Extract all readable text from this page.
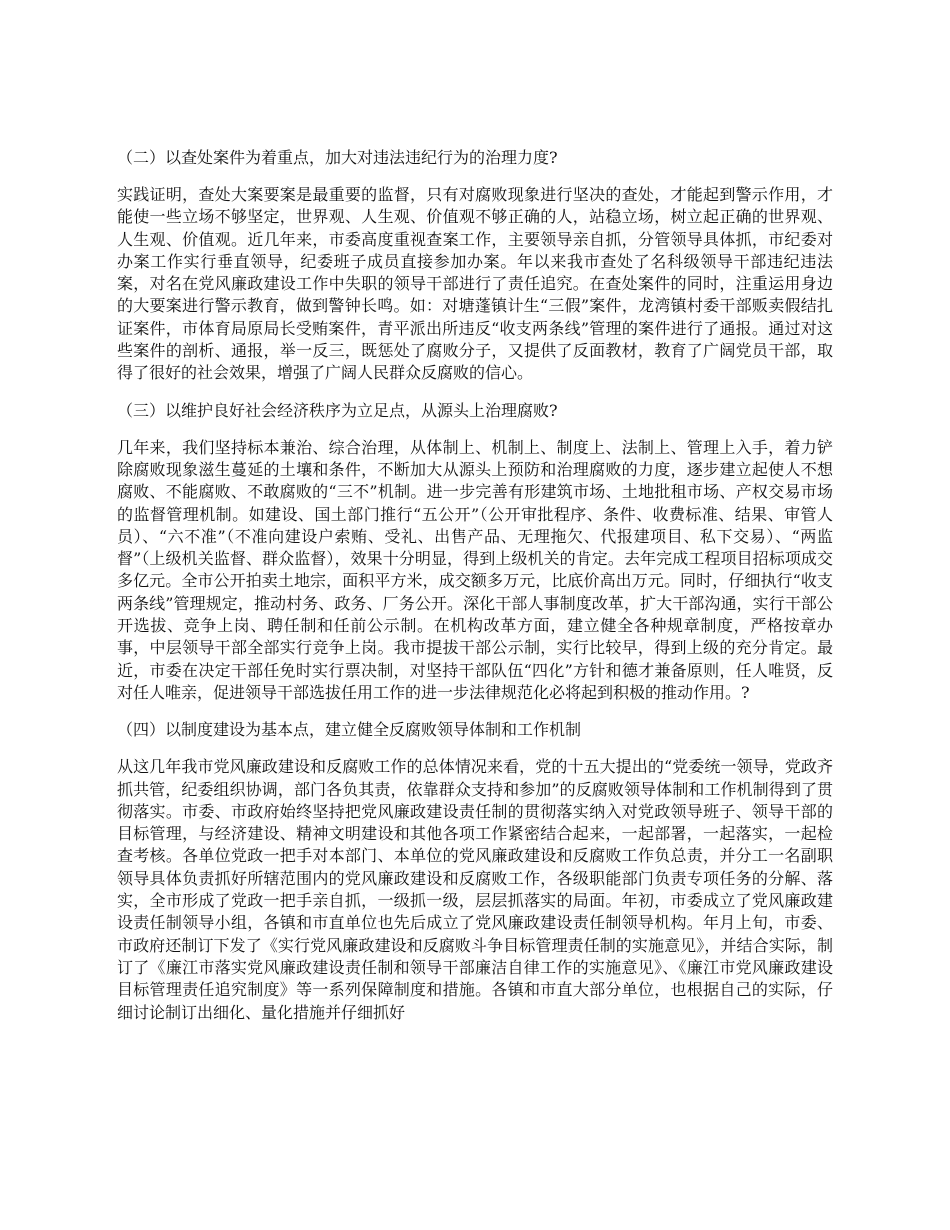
（二）以查处案件为着重点，加大对违法违纪行为的治理力度?

实践证明，查处大案要案是最重要的监督，只有对腐败现象进行坚决的查处，才能起到警示作用，才能使一些立场不够坚定，世界观、人生观、价值观不够正确的人，站稳立场，树立起正确的世界观、人生观、价值观。近几年来，市委高度重视查案工作，主要领导亲自抓，分管领导具体抓，市纪委对办案工作实行垂直领导，纪委班子成员直接参加办案。年以来我市查处了名科级领导干部违纪违法案，对名在党风廉政建设工作中失职的领导干部进行了责任追究。在查处案件的同时，注重运用身边的大要案进行警示教育，做到警钟长鸣。如：对塘蓬镇计生“三假”案件，龙湾镇村委干部贩卖假结扎证案件，市体育局原局长受贿案件，青平派出所违反“收支两条线”管理的案件进行了通报。通过对这些案件的剖析、通报，举一反三，既惩处了腐败分子，又提供了反面教材，教育了广阔党员干部，取得了很好的社会效果，增强了广阔人民群众反腐败的信心。

（三）以维护良好社会经济秩序为立足点，从源头上治理腐败?

几年来，我们坚持标本兼治、综合治理，从体制上、机制上、制度上、法制上、管理上入手，着力铲除腐败现象滋生蔓延的土壤和条件，不断加大从源头上预防和治理腐败的力度，逐步建立起使人不想腐败、不能腐败、不敢腐败的“三不”机制。进一步完善有形建筑市场、土地批租市场、产权交易市场的监督管理机制。如建设、国土部门推行“五公开”（公开审批程序、条件、收费标准、结果、审管人员）、“六不准”（不准向建设户索贿、受礼、出售产品、无理拖欠、代报建项目、私下交易）、“两监督”（上级机关监督、群众监督），效果十分明显，得到上级机关的肯定。去年完成工程项目招标项成交多亿元。全市公开拍卖土地宗，面积平方米，成交额多万元，比底价高出万元。同时，仔细执行“收支两条线”管理规定，推动村务、政务、厂务公开。深化干部人事制度改革，扩大干部沟通，实行干部公开选拔、竞争上岗、聘任制和任前公示制。在机构改革方面，建立健全各种规章制度，严格按章办事，中层领导干部全部实行竞争上岗。我市提拔干部公示制，实行比较早，得到上级的充分肯定。最近，市委在决定干部任免时实行票决制，对坚持干部队伍“四化”方针和德才兼备原则，任人唯贤，反对任人唯亲，促进领导干部选拔任用工作的进一步法律规范化必将起到积极的推动作用。?

（四）以制度建设为基本点，建立健全反腐败领导体制和工作机制

从这几年我市党风廉政建设和反腐败工作的总体情况来看，党的十五大提出的“党委统一领导，党政齐抓共管，纪委组织协调，部门各负其责，依靠群众支持和参加”的反腐败领导体制和工作机制得到了贯彻落实。市委、市政府始终坚持把党风廉政建设责任制的贯彻落实纳入对党政领导班子、领导干部的目标管理，与经济建设、精神文明建设和其他各项工作紧密结合起来，一起部署，一起落实，一起检查考核。各单位党政一把手对本部门、本单位的党风廉政建设和反腐败工作负总责，并分工一名副职领导具体负责抓好所辖范围内的党风廉政建设和反腐败工作，各级职能部门负责专项任务的分解、落实，全市形成了党政一把手亲自抓，一级抓一级，层层抓落实的局面。年初，市委成立了党风廉政建设责任制领导小组，各镇和市直单位也先后成立了党风廉政建设责任制领导机构。年月上旬，市委、市政府还制订下发了《实行党风廉政建设和反腐败斗争目标管理责任制的实施意见》，并结合实际，制订了《廉江市落实党风廉政建设责任制和领导干部廉洁自律工作的实施意见》、《廉江市党风廉政建设目标管理责任追究制度》等一系列保障制度和措施。各镇和市直大部分单位，也根据自己的实际，仔细讨论制订出细化、量化措施并仔细抓好
